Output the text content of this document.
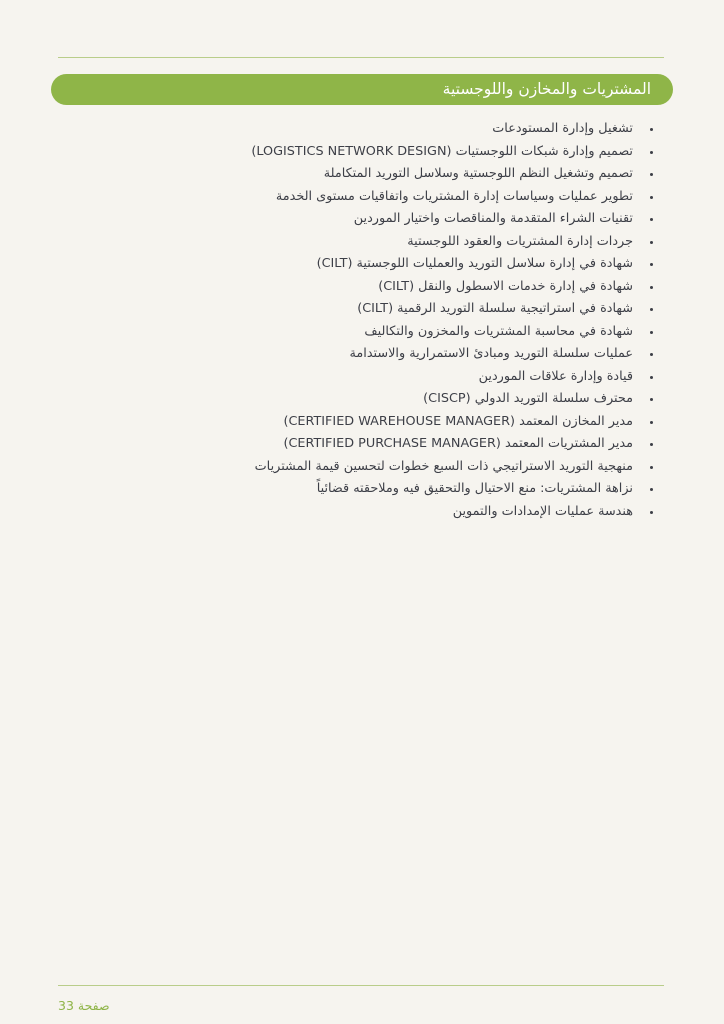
المشتريات والمخازن واللوجستية
تشغيل وإدارة المستودعات
تصميم وإدارة شبكات اللوجستيات (LOGISTICS NETWORK DESIGN)
تصميم وتشغيل النظم اللوجستية وسلاسل التوريد المتكاملة
تطوير عمليات وسياسات إدارة المشتريات واتفاقيات مستوى الخدمة
تقنيات الشراء المتقدمة والمناقصات واختيار الموردين
جردات إدارة المشتريات والعقود اللوجستية
شهادة في إدارة سلاسل التوريد والعمليات اللوجستية (CILT)
شهادة في إدارة خدمات الاسطول والنقل (CILT)
شهادة في استراتيجية سلسلة التوريد الرقمية (CILT)
شهادة في محاسبة المشتريات والمخزون والتكاليف
عمليات سلسلة التوريد ومبادئ الاستمرارية والاستدامة
قيادة وإدارة علاقات الموردين
محترف سلسلة التوريد الدولي (CISCP)
مدير المخازن المعتمد (CERTIFIED WAREHOUSE MANAGER)
مدير المشتريات المعتمد (CERTIFIED PURCHASE MANAGER)
منهجية التوريد الاستراتيجي ذات السبع خطوات لتحسين قيمة المشتريات
نزاهة المشتريات: منع الاحتيال والتحقيق فيه وملاحقته قضائياً
هندسة عمليات الإمدادات والتموين
صفحة 33
